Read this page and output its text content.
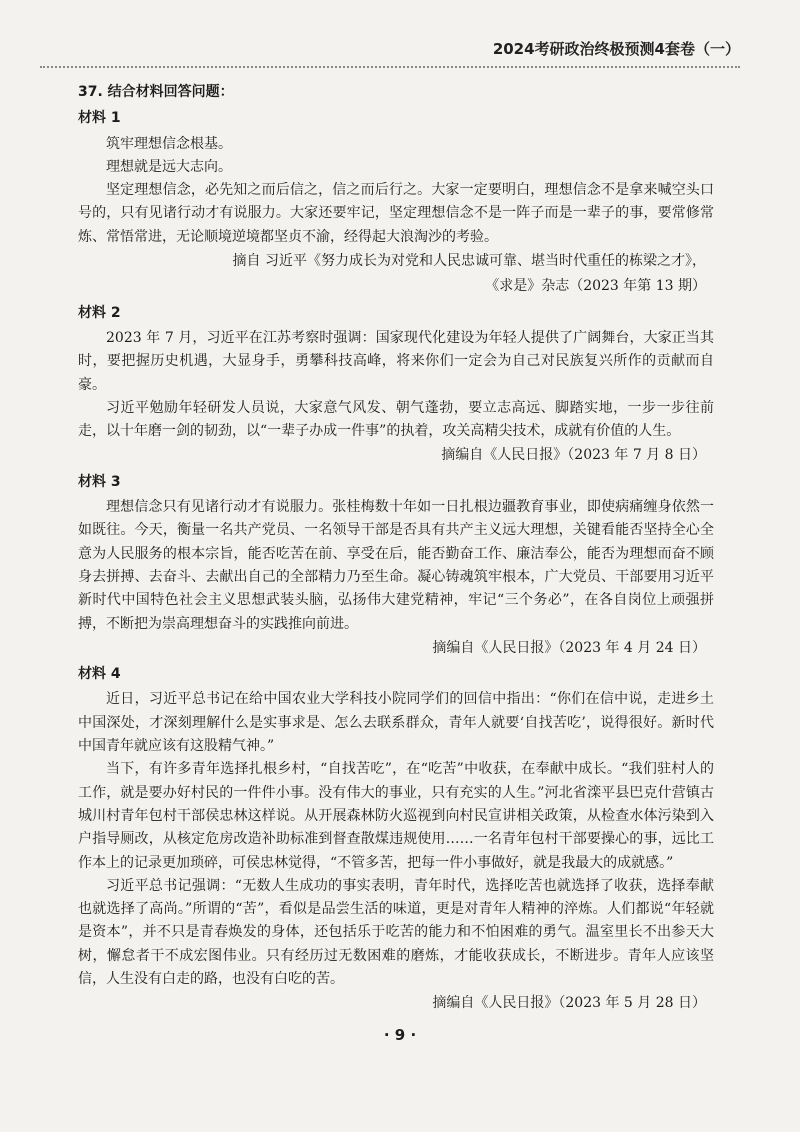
2024考研政治终极预测4套卷（一）
37. 结合材料回答问题：
材料 1

筑牢理想信念根基。

理想就是远大志向。

坚定理想信念，必先知之而后信之，信之而后行之。大家一定要明白，理想信念不是拿来喊空头口号的，只有见诸行动才有说服力。大家还要牢记，坚定理想信念不是一阵子而是一辈子的事，要常修常炼、常悟常进，无论顺境逆境都坚贞不渝，经得起大浪淘沙的考验。

摘自 习近平《努力成长为对党和人民忠诚可靠、堪当时代重任的栋梁之才》，
《求是》杂志（2023 年第 13 期）
材料 2

2023 年 7 月，习近平在江苏考察时强调：国家现代化建设为年轻人提供了广阔舞台，大家正当其时，要把握历史机遇，大显身手，勇攀科技高峰，将来你们一定会为自己对民族复兴所作的贡献而自豪。

习近平勉励年轻研发人员说，大家意气风发、朝气蓬勃，要立志高远、脚踏实地，一步一步往前走，以十年磨一剑的韧劲，以“一辈子办成一件事”的执着，攻关高精尖技术，成就有价值的人生。

摘编自《人民日报》（2023 年 7 月 8 日）
材料 3

理想信念只有见诸行动才有说服力。张桂梅数十年如一日扎根边疆教育事业，即使病痛缠身依然一如既往。今天，衡量一名共产党员、一名领导干部是否具有共产主义远大理想，关键看能否坚持全心全意为人民服务的根本宗旨，能否吃苦在前、享受在后，能否勤奋工作、廉洁奉公，能否为理想而奋不顾身去拼搏、去奋斗、去献出自己的全部精力乃至生命。凝心铸魂筑牢根本，广大党员、干部要用习近平新时代中国特色社会主义思想武装头脑，弘扬伟大建党精神，牢记“三个务必”，在各自岗位上顽强拼搏，不断把为崇高理想奋斗的实践推向前进。

摘编自《人民日报》（2023 年 4 月 24 日）
材料 4

近日，习近平总书记在给中国农业大学科技小院同学们的回信中指出：“你们在信中说，走进乡土中国深处，才深刻理解什么是实事求是、怎么去联系群众，青年人就要‘自找苦吃’，说得很好。新时代中国青年就应该有这股精气神。”

当下，有许多青年选择扎根乡村，“自找苦吃”，在“吃苦”中收获，在奉献中成长。“我们驻村人的工作，就是要办好村民的一件件小事。没有伟大的事业，只有充实的人生。”河北省滦平县巴克什营镇古城川村青年包村干部侯忠林这样说。从开展森林防火巡视到向村民宣讲相关政策，从检查水体污染到入户指导厕改，从核定危房改造补助标准到督查散煤违规使用……一名青年包村干部要操心的事，远比工作本上的记录更加琐碎，可侯忠林觉得，“不管多苦，把每一件小事做好，就是我最大的成就感。”

习近平总书记强调：“无数人生成功的事实表明，青年时代，选择吃苦也就选择了收获，选择奉献也就选择了高尚。”所谓的“苦”，看似是品尝生活的味道，更是对青年人精神的淬炼。人们都说“年轻就是资本”，并不只是青春焕发的身体，还包括乐于吃苦的能力和不怕困难的勇气。温室里长不出参天大树，懈怠者干不成宏图伟业。只有经历过无数困难的磨炼，才能收获成长，不断进步。青年人应该坚信，人生没有白走的路，也没有白吃的苦。

摘编自《人民日报》（2023 年 5 月 28 日）
· 9 ·
